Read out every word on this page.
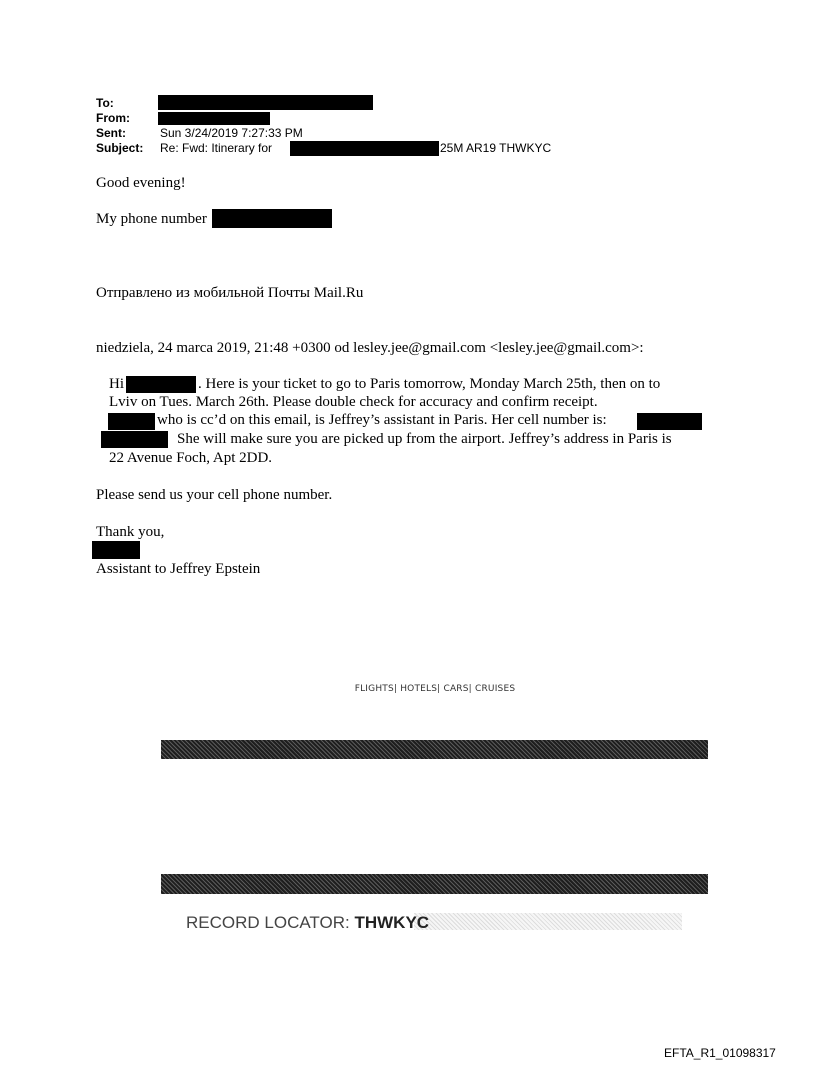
To:
From:
Sent:	Sun 3/24/2019 7:27:33 PM
Subject: Re: Fwd: Itinerary for	25M AR19 THWKYC
Good evening!
My phone number
Отправлено из мобильной Почты Mail.Ru
niedziela, 24 marca 2019, 21:48 +0300 od lesley.jee@gmail.com <lesley.jee@gmail.com>:
Hi	. Here is your ticket to go to Paris tomorrow, Monday March 25th, then on to
Lviv on Tues. March 26th. Please double check for accuracy and confirm receipt.
who is cc’d on this email, is Jeffrey’s assistant in Paris. Her cell number is:
She will make sure you are picked up from the airport. Jeffrey’s address in Paris is
22 Avenue Foch, Apt 2DD.
Please send us your cell phone number.
Thank you,
Assistant to Jeffrey Epstein
FLIGHTS| HOTELS| CARS| CRUISES
RECORD LOCATOR: THWKYC
EFTA_R1_01098317
